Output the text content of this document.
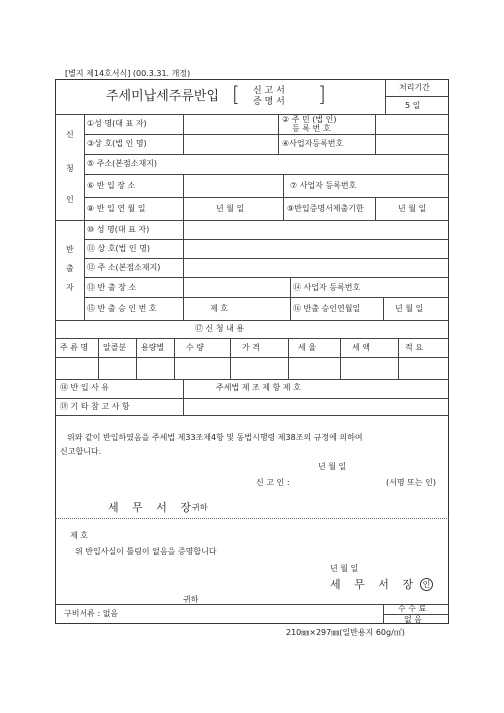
[별지 제14호서식] (00.3.31. 개정)
주세미납세주류반입 [ 신 고 서
증 명 서 ]	처리기간
5 일
신
청
인
①성 명(대 표 자)	② 주 민 (법 인)
등 록 번 호
③상 호(법 인 명)	④사업자등록번호
⑤ 주소(본점소재지)
⑥ 반 입 장 소	⑦ 사업자 등록번호
⑧ 반 입 연 월 일	년 월 일	⑨반입증명서제출기한	년 월 일
반
출
자
⑩ 성 명(대 표 자)
⑪ 상 호(법 인 명)
⑫ 주 소(본점소재지)
⑬ 반 출 장 소	⑭ 사업자 등록번호
⑮ 반 출 승 인 번 호	제 호	⑯ 반출 승인연월일	년 월 일
⑰ 신 청 내 용
주 류 명 알콜분 용량별	수 량	가 격	세 율	세 액	적 요
⑱ 반 입 사 유	주세법 제 조 제 항 제 호
⑲ 기 타 참 고 사 항
위와 같이 반입하였음을 주세법 제33조제4항 및 동법시행령 제38조의 규정에 의하여
신고합니다.
년 월 일
신 고 인 :	(서명 또는 인)
세 무 서 장
귀하
제 호
위 반입사실이 틀림이 없음을 증명합니다
년 월 일
세 무 서 장 인
귀하
구비서류 : 없음
수 수 료
없 음
210㎜×297㎜(일반용지 60g/㎡)
